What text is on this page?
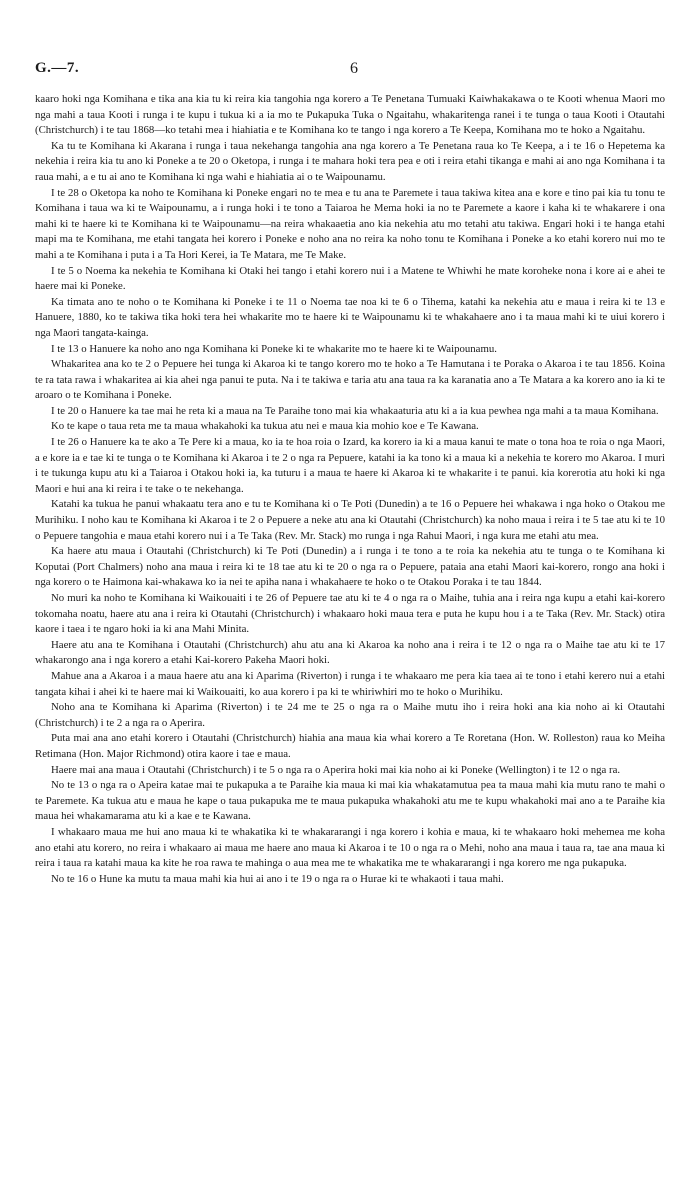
G.—7.	6

kaaro hoki nga Komihana e tika ana kia tu ki reira kia tangohia nga korero a Te Penetana Tumuaki Kaiwhakakawa o te Kooti whenua Maori mo nga mahi a taua Kooti i runga i te kupu i tukua ki a ia mo te Pukapuka Tuka o Ngaitahu, whakaritenga ranei i te tunga o taua Kooti i Otautahi (Christchurch) i te tau 1868—ko tetahi mea i hiahiatia e te Komihana ko te tango i nga korero a Te Keepa, Komihana mo te hoko a Ngaitahu.

Ka tu te Komihana ki Akarana i runga i taua nekehanga tangohia ana nga korero a Te Penetana raua ko Te Keepa, a i te 16 o Hepetema ka nekehia i reira kia tu ano ki Poneke a te 20 o Oketopa, i runga i te mahara hoki tera pea e oti i reira etahi tikanga e mahi ai ano nga Komihana i ta raua mahi, a e tu ai ano te Komihana ki nga wahi e hiahiatia ai o te Waipounamu.

I te 28 o Oketopa ka noho te Komihana ki Poneke engari no te mea e tu ana te Paremete i taua takiwa kitea ana e kore e tino pai kia tu tonu te Komihana i taua wa ki te Waipounamu, a i runga hoki i te tono a Taiaroa he Mema hoki ia no te Paremete a kaore i kaha ki te whakarere i ona mahi ki te haere ki te Komihana ki te Waipounamu—na reira whakaaetia ano kia nekehia atu mo tetahi atu takiwa. Engari hoki i te hanga etahi mapi ma te Komihana, me etahi tangata hei korero i Poneke e noho ana no reira ka noho tonu te Komihana i Poneke a ko etahi korero nui mo te mahi a te Komihana i puta i a Ta Hori Kerei, ia Te Matara, me Te Make.

I te 5 o Noema ka nekehia te Komihana ki Otaki hei tango i etahi korero nui i a Matene te Whiwhi he mate koroheke nona i kore ai e ahei te haere mai ki Poneke.

Ka timata ano te noho o te Komihana ki Poneke i te 11 o Noema tae noa ki te 6 o Tihema, katahi ka nekehia atu e maua i reira ki te 13 e Hanuere, 1880, ko te takiwa tika hoki tera hei whakarite mo te haere ki te Waipounamu ki te whakahaere ano i ta maua mahi ki te uiui korero i nga Maori tangata-kainga.

I te 13 o Hanuere ka noho ano nga Komihana ki Poneke ki te whakarite mo te haere ki te Waipounamu.

Whakaritea ana ko te 2 o Pepuere hei tunga ki Akaroa ki te tango korero mo te hoko a Te Hamutana i te Poraka o Akaroa i te tau 1856. Koina te ra tata rawa i whakaritea ai kia ahei nga panui te puta. Na i te takiwa e taria atu ana taua ra ka karanatia ano a Te Matara a ka korero ano ia ki te aroaro o te Komihana i Poneke.

I te 20 o Hanuere ka tae mai he reta ki a maua na Te Paraihe tono mai kia whakaaturia atu ki a ia kua pewhea nga mahi a ta maua Komihana.

Ko te kape o taua reta me ta maua whakahoki ka tukua atu nei e maua kia mohio koe e Te Kawana.

I te 26 o Hanuere ka te ako a Te Pere ki a maua, ko ia te hoa roia o Izard, ka korero ia ki a maua kanui te mate o tona hoa te roia o nga Maori, a e kore ia e tae ki te tunga o te Komihana ki Akaroa i te 2 o nga ra Pepuere, katahi ia ka tono ki a maua ki a nekehia te korero mo Akaroa. I muri i te tukunga kupu atu ki a Taiaroa i Otakou hoki ia, ka tuturu i a maua te haere ki Akaroa ki te whakarite i te panui. kia korerotia atu hoki ki nga Maori e hui ana ki reira i te take o te nekehanga.

Katahi ka tukua he panui whakaatu tera ano e tu te Komihana ki o Te Poti (Dunedin) a te 16 o Pepuere hei whakawa i nga hoko o Otakou me Murihiku. I noho kau te Komihana ki Akaroa i te 2 o Pepuere a neke atu ana ki Otautahi (Christchurch) ka noho maua i reira i te 5 tae atu ki te 10 o Pepuere tangohia e maua etahi korero nui i a Te Taka (Rev. Mr. Stack) mo runga i nga Rahui Maori, i nga kura me etahi atu mea.

Ka haere atu maua i Otautahi (Christchurch) ki Te Poti (Dunedin) a i runga i te tono a te roia ka nekehia atu te tunga o te Komihana ki Koputai (Port Chalmers) noho ana maua i reira ki te 18 tae atu ki te 20 o nga ra o Pepuere, pataia ana etahi Maori kai-korero, rongo ana hoki i nga korero o te Haimona kai-whakawa ko ia nei te apiha nana i whakahaere te hoko o te Otakou Poraka i te tau 1844.

No muri ka noho te Komihana ki Waikouaiti i te 26 of Pepuere tae atu ki te 4 o nga ra o Maihe, tuhia ana i reira nga kupu a etahi kai-korero tokomaha noatu, haere atu ana i reira ki Otautahi (Christchurch) i whakaaro hoki maua tera e puta he kupu hou i a te Taka (Rev. Mr. Stack) otira kaore i taea i te ngaro hoki ia ki ana Mahi Minita.

Haere atu ana te Komihana i Otautahi (Christchurch) ahu atu ana ki Akaroa ka noho ana i reira i te 12 o nga ra o Maihe tae atu ki te 17 whakarongo ana i nga korero a etahi Kai-korero Pakeha Maori hoki.

Mahue ana a Akaroa i a maua haere atu ana ki Aparima (Riverton) i runga i te whakaaro me pera kia taea ai te tono i etahi kerero nui a etahi tangata kihai i ahei ki te haere mai ki Waikouaiti, ko aua korero i pa ki te whiriwhiri mo te hoko o Murihiku.

Noho ana te Komihana ki Aparima (Riverton) i te 24 me te 25 o nga ra o Maihe mutu iho i reira hoki ana kia noho ai ki Otautahi (Christchurch) i te 2 a nga ra o Aperira.

Puta mai ana ano etahi korero i Otautahi (Christchurch) hiahia ana maua kia whai korero a Te Roretana (Hon. W. Rolleston) raua ko Meiha Retimana (Hon. Major Richmond) otira kaore i tae e maua.

Haere mai ana maua i Otautahi (Christchurch) i te 5 o nga ra o Aperira hoki mai kia noho ai ki Poneke (Wellington) i te 12 o nga ra.

No te 13 o nga ra o Apeira katae mai te pukapuka a te Paraihe kia maua ki mai kia whakatamutua pea ta maua mahi kia mutu rano te mahi o te Paremete. Ka tukua atu e maua he kape o taua pukapuka me te maua pukapuka whakahoki atu me te kupu whakahoki mai ano a te Paraihe kia maua hei whakamarama atu ki a kae e te Kawana.

I whakaaro maua me hui ano maua ki te whakatika ki te whakararangi i nga korero i kohia e maua, ki te whakaaro hoki mehemea me koha ano etahi atu korero, no reira i whakaaro ai maua me haere ano maua ki Akaroa i te 10 o nga ra o Mehi, noho ana maua i taua ra, tae ana maua ki reira i taua ra katahi maua ka kite he roa rawa te mahinga o aua mea me te whakatika me te whakararangi i nga korero me nga pukapuka.

No te 16 o Hune ka mutu ta maua mahi kia hui ai ano i te 19 o nga ra o Hurae ki te whakaoti i taua mahi.
